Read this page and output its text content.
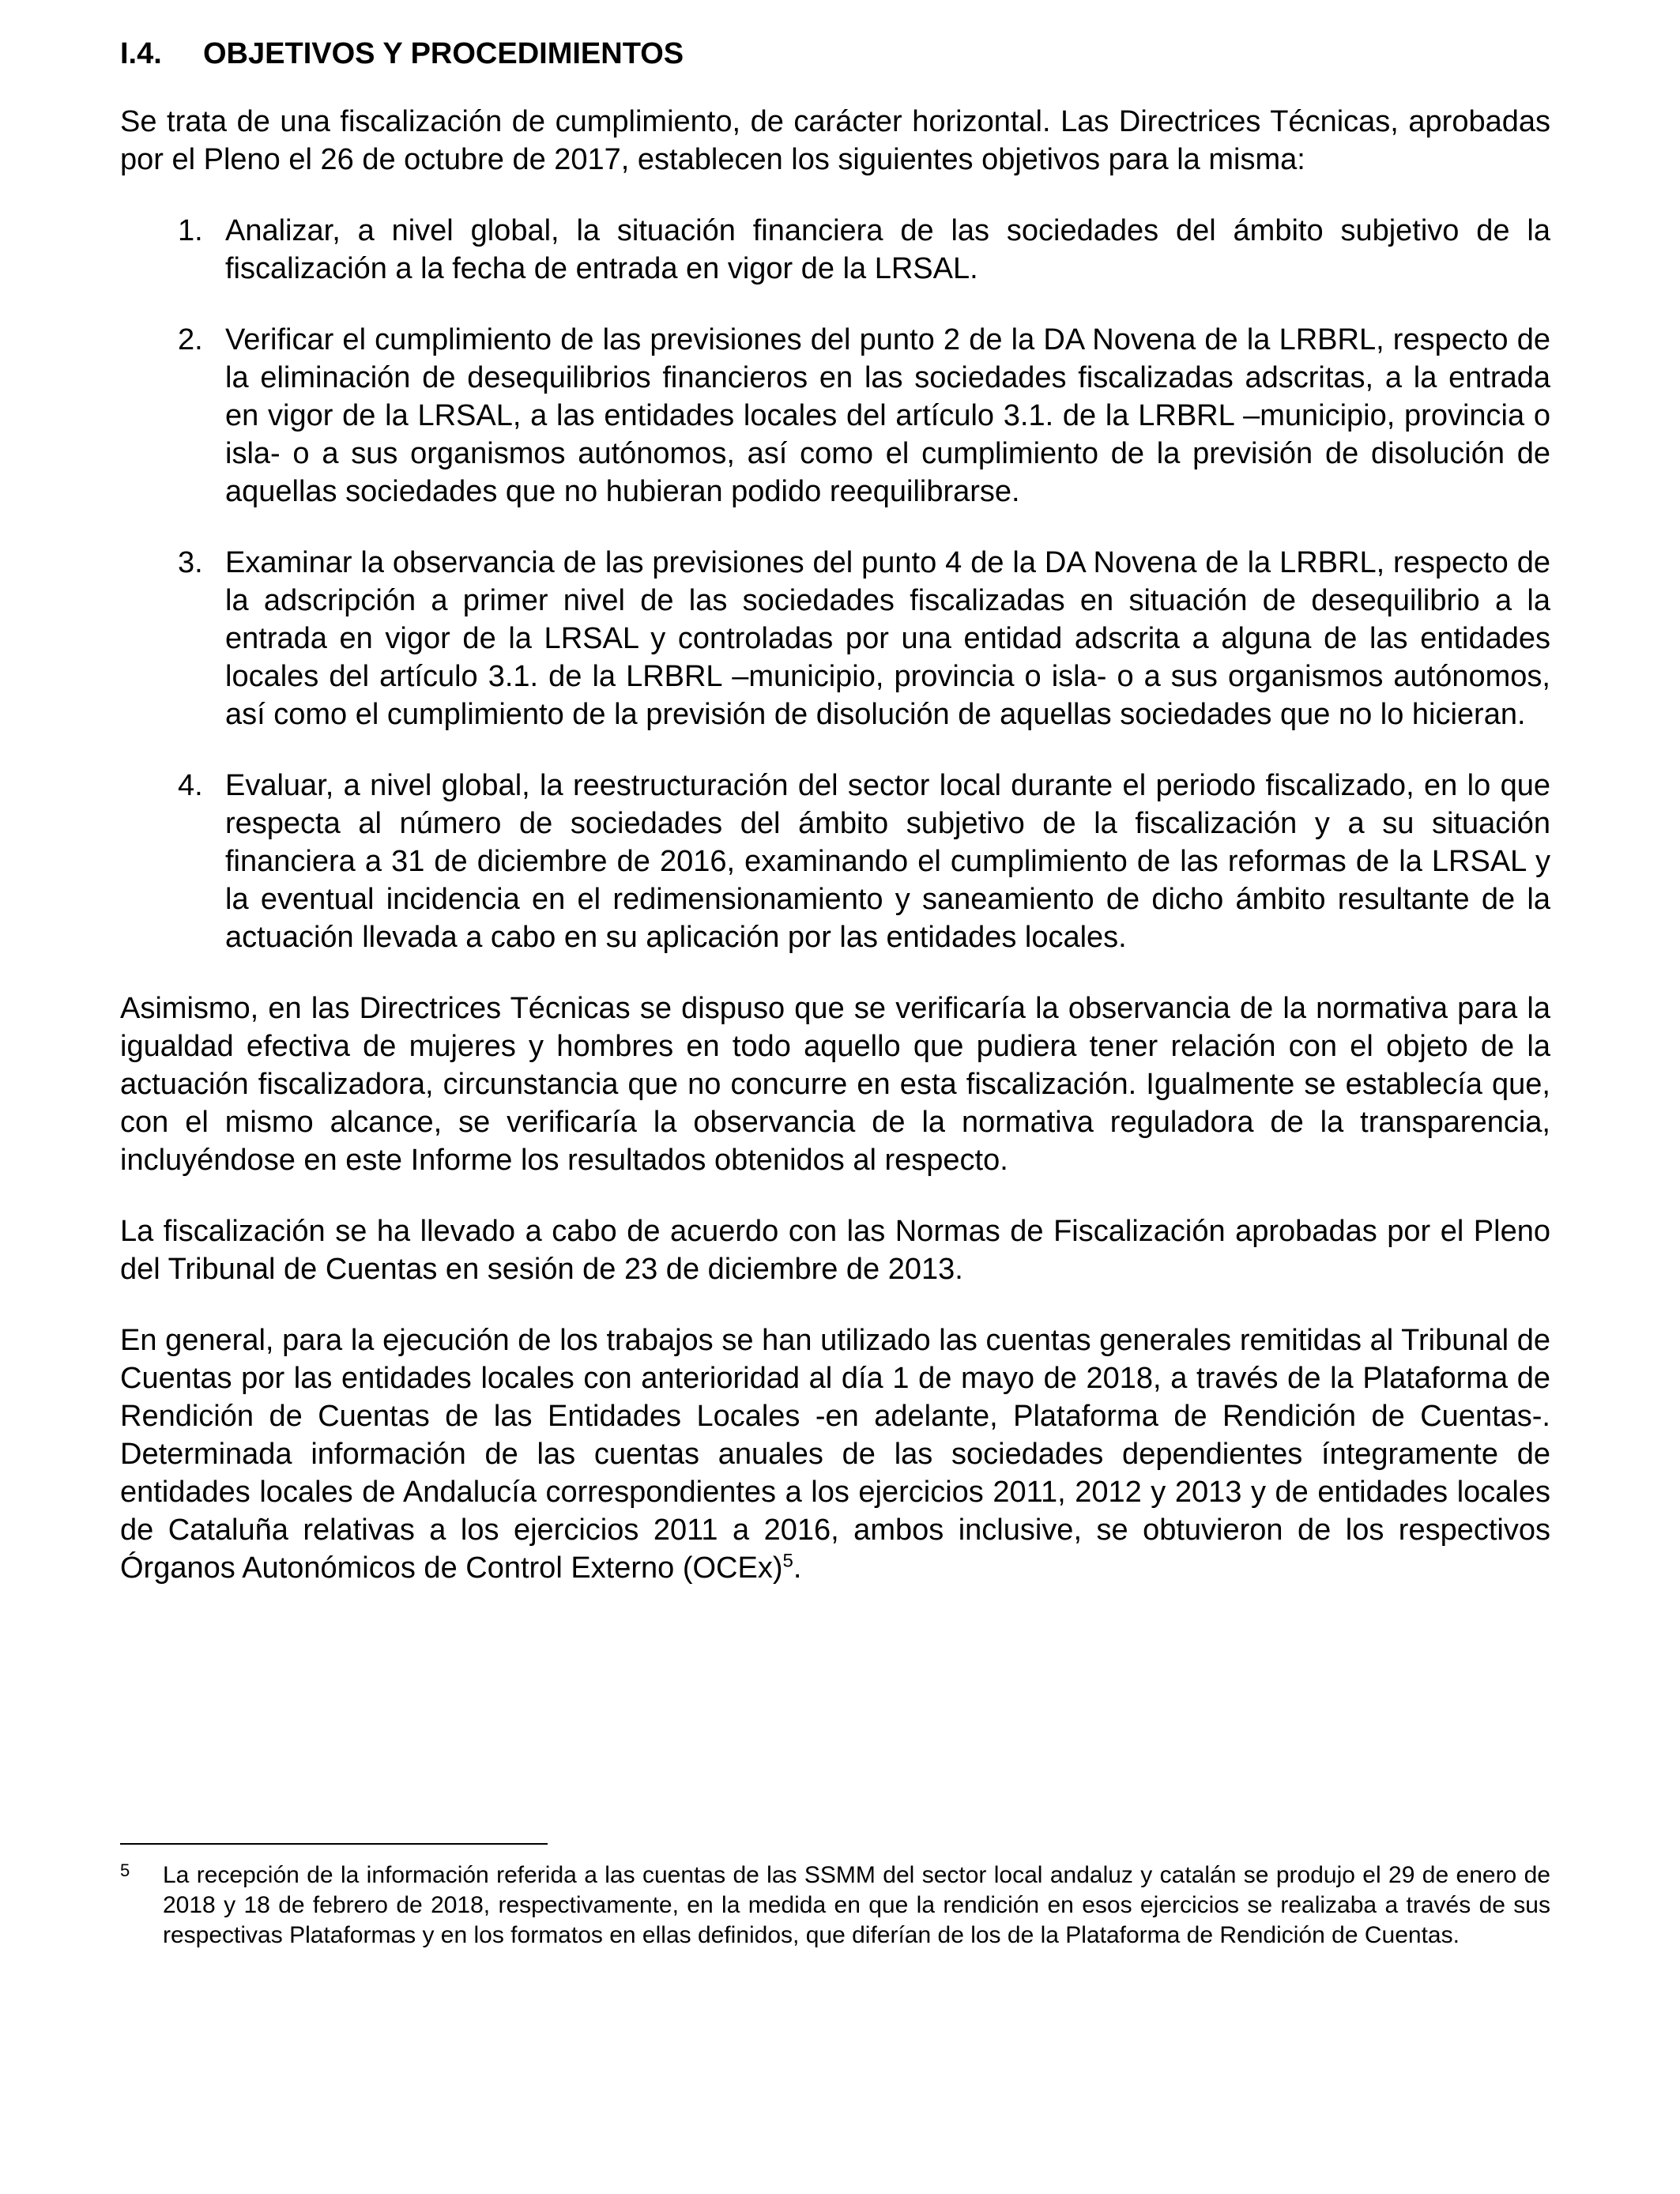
I.4.	OBJETIVOS Y PROCEDIMIENTOS

Se trata de una fiscalización de cumplimiento, de carácter horizontal. Las Directrices Técnicas, aprobadas por el Pleno el 26 de octubre de 2017, establecen los siguientes objetivos para la misma:

1. Analizar, a nivel global, la situación financiera de las sociedades del ámbito subjetivo de la fiscalización a la fecha de entrada en vigor de la LRSAL.
2. Verificar el cumplimiento de las previsiones del punto 2 de la DA Novena de la LRBRL, respecto de la eliminación de desequilibrios financieros en las sociedades fiscalizadas adscritas, a la entrada en vigor de la LRSAL, a las entidades locales del artículo 3.1. de la LRBRL –municipio, provincia o isla- o a sus organismos autónomos, así como el cumplimiento de la previsión de disolución de aquellas sociedades que no hubieran podido reequilibrarse.
3. Examinar la observancia de las previsiones del punto 4 de la DA Novena de la LRBRL, respecto de la adscripción a primer nivel de las sociedades fiscalizadas en situación de desequilibrio a la entrada en vigor de la LRSAL y controladas por una entidad adscrita a alguna de las entidades locales del artículo 3.1. de la LRBRL –municipio, provincia o isla- o a sus organismos autónomos, así como el cumplimiento de la previsión de disolución de aquellas sociedades que no lo hicieran.
4. Evaluar, a nivel global, la reestructuración del sector local durante el periodo fiscalizado, en lo que respecta al número de sociedades del ámbito subjetivo de la fiscalización y a su situación financiera a 31 de diciembre de 2016, examinando el cumplimiento de las reformas de la LRSAL y la eventual incidencia en el redimensionamiento y saneamiento de dicho ámbito resultante de la actuación llevada a cabo en su aplicación por las entidades locales.

Asimismo, en las Directrices Técnicas se dispuso que se verificaría la observancia de la normativa para la igualdad efectiva de mujeres y hombres en todo aquello que pudiera tener relación con el objeto de la actuación fiscalizadora, circunstancia que no concurre en esta fiscalización. Igualmente se establecía que, con el mismo alcance, se verificaría la observancia de la normativa reguladora de la transparencia, incluyéndose en este Informe los resultados obtenidos al respecto.

La fiscalización se ha llevado a cabo de acuerdo con las Normas de Fiscalización aprobadas por el Pleno del Tribunal de Cuentas en sesión de 23 de diciembre de 2013.

En general, para la ejecución de los trabajos se han utilizado las cuentas generales remitidas al Tribunal de Cuentas por las entidades locales con anterioridad al día 1 de mayo de 2018, a través de la Plataforma de Rendición de Cuentas de las Entidades Locales -en adelante, Plataforma de Rendición de Cuentas-. Determinada información de las cuentas anuales de las sociedades dependientes íntegramente de entidades locales de Andalucía correspondientes a los ejercicios 2011, 2012 y 2013 y de entidades locales de Cataluña relativas a los ejercicios 2011 a 2016, ambos inclusive, se obtuvieron de los respectivos Órganos Autonómicos de Control Externo (OCEx)$^5$.

5	La recepción de la información referida a las cuentas de las SSMM del sector local andaluz y catalán se produjo el 29 de enero de 2018 y 18 de febrero de 2018, respectivamente, en la medida en que la rendición en esos ejercicios se realizaba a través de sus respectivas Plataformas y en los formatos en ellas definidos, que diferían de los de la Plataforma de Rendición de Cuentas.
